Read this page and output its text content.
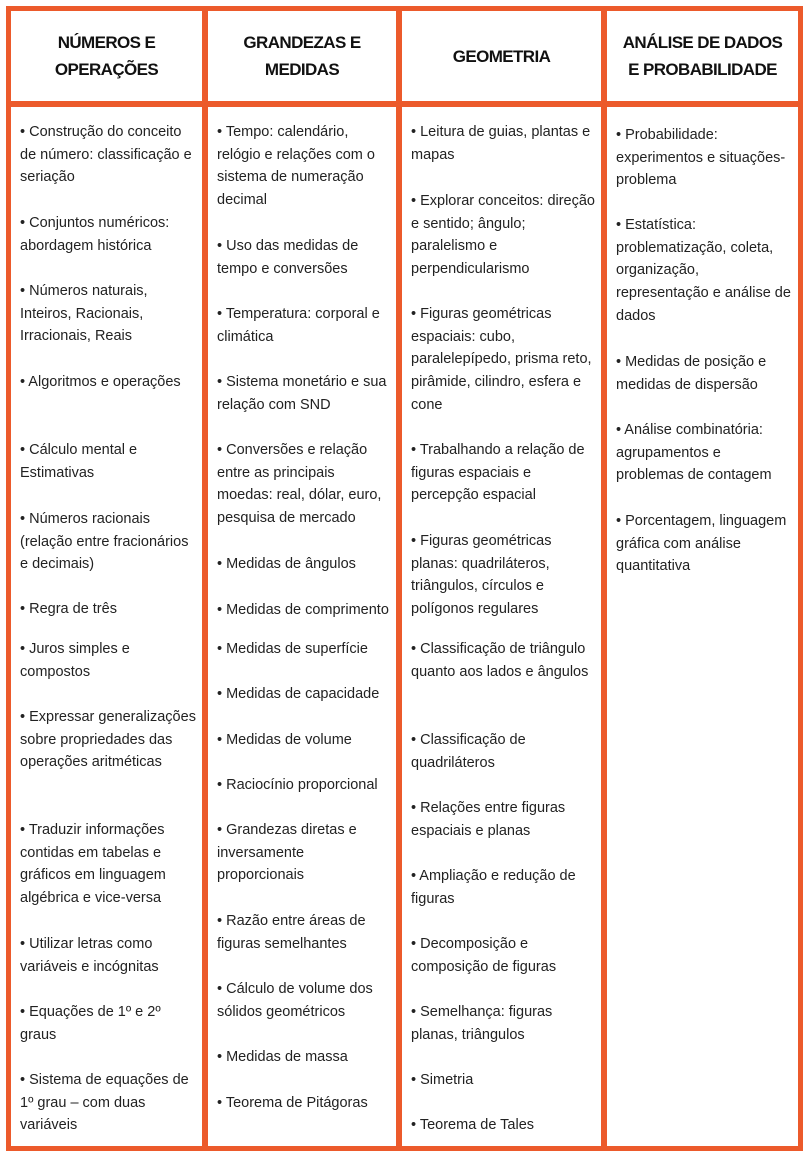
NÚMEROS E
OPERAÇÕES

• Construção do conceito de número: classificação e seriação

• Conjuntos numéricos: abordagem histórica

• Números naturais, Inteiros, Racionais, Irracionais, Reais

• Algoritmos e operações

• Cálculo mental e Estimativas

• Números racionais (relação entre fracionários e decimais)

• Regra de três

• Juros simples e compostos

• Expressar generalizações sobre propriedades das operações aritméticas

• Traduzir informações contidas em tabelas e gráficos em linguagem algébrica e vice-versa

• Utilizar letras como variáveis e incógnitas

• Equações de 1º e 2º graus

• Sistema de equações de 1º grau – com duas variáveis

GRANDEZAS E
MEDIDAS

• Tempo: calendário, relógio e relações com o sistema de numeração decimal

• Uso das medidas de tempo e conversões

• Temperatura: corporal e climática

• Sistema monetário e sua relação com SND

• Conversões e relação entre as principais moedas: real, dólar, euro, pesquisa de mercado

• Medidas de ângulos

• Medidas de comprimento

• Medidas de superfície

• Medidas de capacidade

• Medidas de volume

• Raciocínio proporcional

• Grandezas diretas e inversamente proporcionais

• Razão entre áreas de figuras semelhantes

• Cálculo de volume dos sólidos geométricos

• Medidas de massa

• Teorema de Pitágoras

GEOMETRIA

• Leitura de guias, plantas e mapas

• Explorar conceitos: direção e sentido; ângulo; paralelismo e perpendicularismo

• Figuras geométricas espaciais: cubo, paralelepípedo, prisma reto, pirâmide, cilindro, esfera e cone

• Trabalhando a relação de figuras espaciais e percepção espacial

• Figuras geométricas planas: quadriláteros, triângulos, círculos e polígonos regulares

• Classificação de triângulo quanto aos lados e ângulos

• Classificação de quadriláteros

• Relações entre figuras espaciais e planas

• Ampliação e redução de figuras

• Decomposição e composição de figuras

• Semelhança: figuras planas, triângulos

• Simetria

• Teorema de Tales

ANÁLISE DE DADOS
E PROBABILIDADE

• Probabilidade: experimentos e situações-problema

• Estatística: problematização, coleta, organização, representação e análise de dados

• Medidas de posição e medidas de dispersão

• Análise combinatória: agrupamentos e problemas de contagem

• Porcentagem, linguagem gráfica com análise quantitativa
